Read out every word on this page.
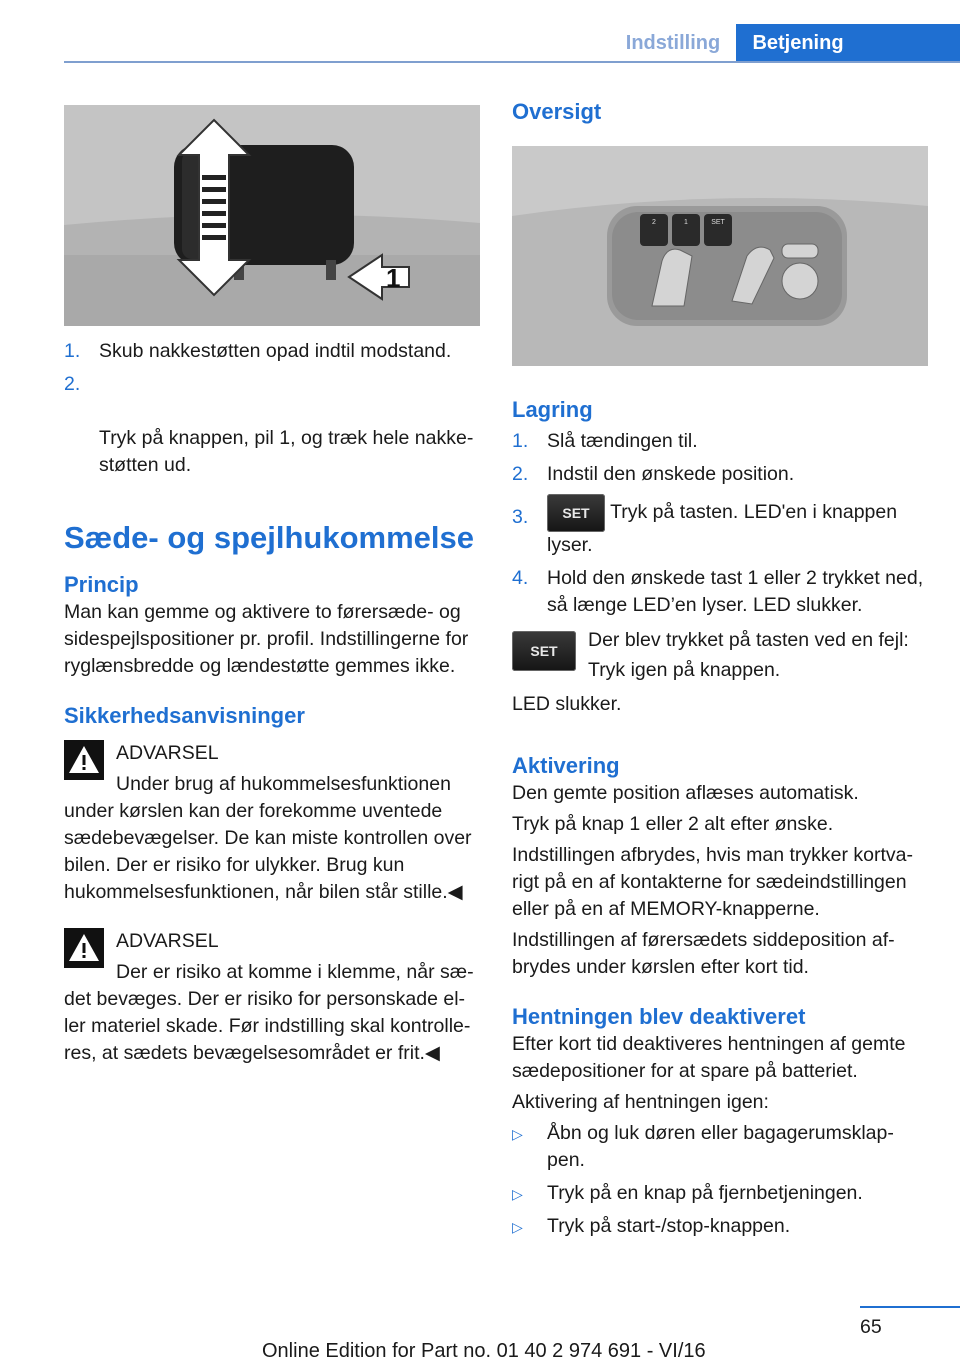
Indstilling	Betjening
1
1. Skub nakkestøtten opad indtil modstand.

2.

Tryk på knappen, pil 1, og træk hele nakke‐
støtten ud.

Sæde- og spejlhukommelse
Princip

Man kan gemme og aktivere to førersæde- og sidespejlspositioner pr. profil. Indstillingerne for ryglænsbredde og lændestøtte gemmes ikke.

Sikkerhedsanvisninger
ADVARSEL
Under brug af hukommelsesfunktionen

under kørslen kan der forekomme uventede sædebevægelser. De kan miste kontrollen over bilen. Der er risiko for ulykker. Brug kun hukommelsesfunktionen, når bilen står stille.◀

ADVARSEL
Der er risiko at komme i klemme, når sæ‐

det bevæges. Der er risiko for personskade el‐ ler materiel skade. Før indstilling skal kontrolle‐ res, at sædets bevægelsesområdet er frit.◀

Oversigt
2	1	SET
Lagring
1. Slå tændingen til.
2. Indstil den ønskede position.
3. SET Tryk på tasten. LED'en i knappen lyser.
4. Hold den ønskede tast 1 eller 2 trykket ned, så længe LED’en lyser. LED slukker.
SET	Der blev trykket på tasten ved en fejl:
Tryk igen på knappen.

LED slukker.

Aktivering

Den gemte position aflæses automatisk.

Tryk på knap 1 eller 2 alt efter ønske.

Indstillingen afbrydes, hvis man trykker kortva‐ rigt på en af kontakterne for sædeindstillingen eller på en af MEMORY-knapperne.

Indstillingen af førersædets siddeposition af‐ brydes under kørslen efter kort tid.

Hentningen blev deaktiveret

Efter kort tid deaktiveres hentningen af gemte sædepositioner for at spare på batteriet.

Aktivering af hentningen igen:

▷ Åbn og luk døren eller bagagerumsklap‐ pen.
▷ Tryk på en knap på fjernbetjeningen.
▷ Tryk på start-/stop-knappen.
65
Online Edition for Part no. 01 40 2 974 691 - VI/16
